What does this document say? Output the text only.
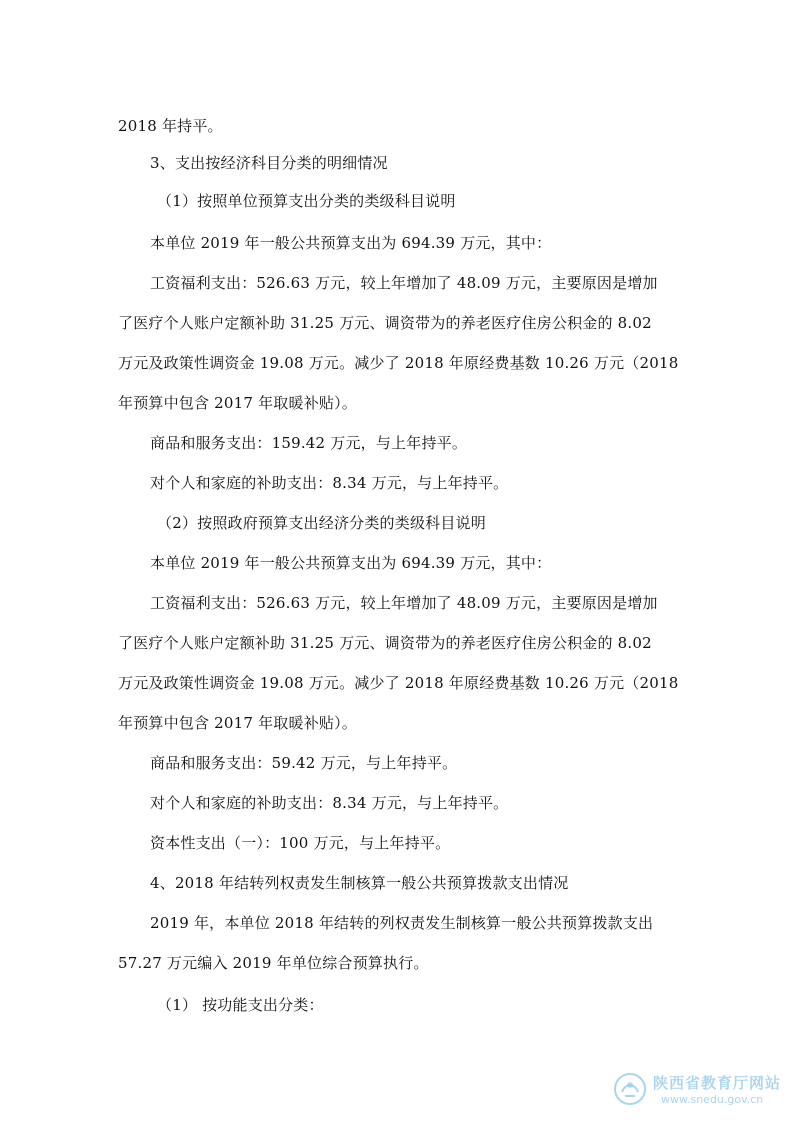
2018 年持平。
3、支出按经济科目分类的明细情况
（1）按照单位预算支出分类的类级科目说明
本单位 2019 年一般公共预算支出为 694.39 万元，其中：
工资福利支出：526.63 万元，较上年增加了 48.09 万元，主要原因是增加
了医疗个人账户定额补助 31.25 万元、调资带为的养老医疗住房公积金的 8.02
万元及政策性调资金 19.08 万元。减少了 2018 年原经费基数 10.26 万元（2018
年预算中包含 2017 年取暖补贴）。
商品和服务支出：159.42 万元，与上年持平。
对个人和家庭的补助支出：8.34 万元，与上年持平。
（2）按照政府预算支出经济分类的类级科目说明
本单位 2019 年一般公共预算支出为 694.39 万元，其中：
工资福利支出：526.63 万元，较上年增加了 48.09 万元，主要原因是增加
了医疗个人账户定额补助 31.25 万元、调资带为的养老医疗住房公积金的 8.02
万元及政策性调资金 19.08 万元。减少了 2018 年原经费基数 10.26 万元（2018
年预算中包含 2017 年取暖补贴）。
商品和服务支出：59.42 万元，与上年持平。
对个人和家庭的补助支出：8.34 万元，与上年持平。
资本性支出（一）：100 万元，与上年持平。
4、2018 年结转列权责发生制核算一般公共预算拨款支出情况
2019 年，本单位 2018 年结转的列权责发生制核算一般公共预算拨款支出
57.27 万元编入 2019 年单位综合预算执行。
（1） 按功能支出分类：
陕西省教育厅网站
www.snedu.gov.cn
